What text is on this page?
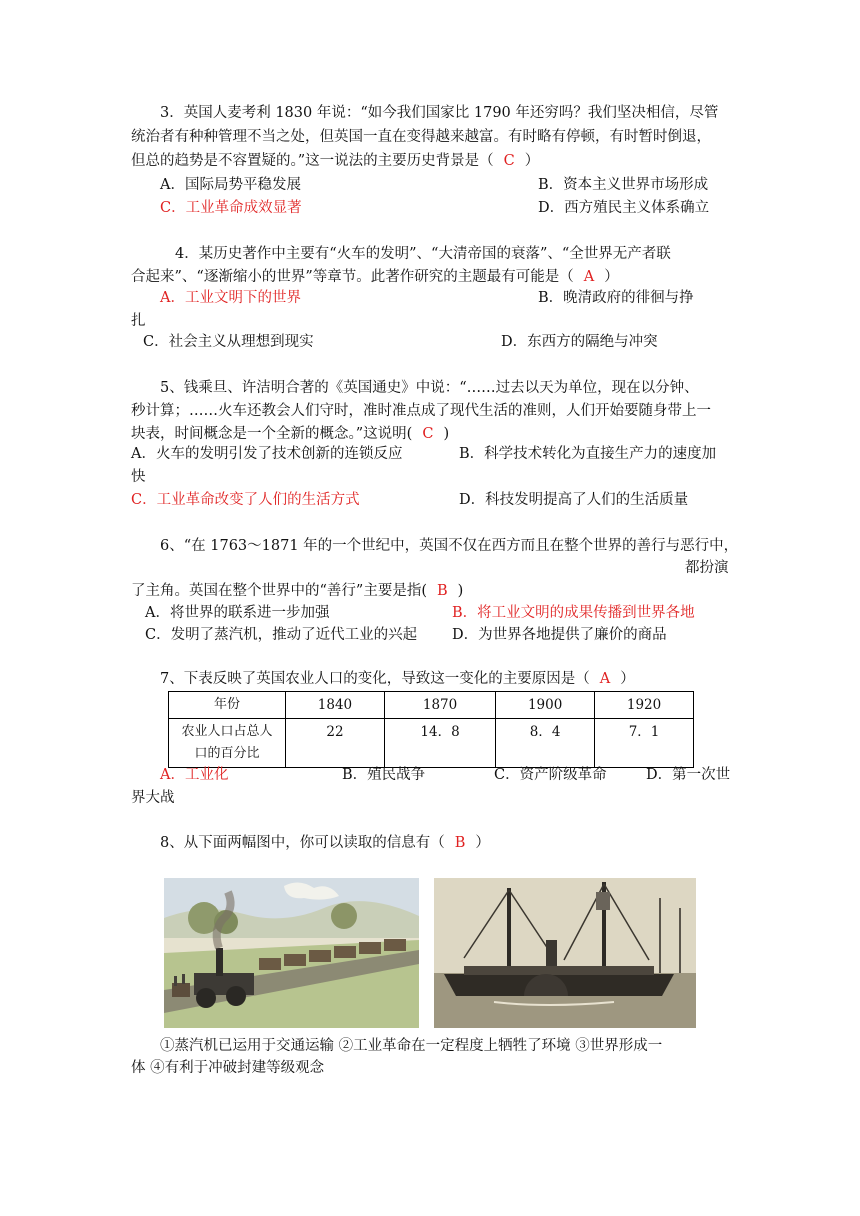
3．英国人麦考利 1830 年说：“如今我们国家比 1790 年还穷吗？我们坚决相信，尽管
统治者有种种管理不当之处，但英国一直在变得越来越富。有时略有停顿，有时暂时倒退，
但总的趋势是不容置疑的。”这一说法的主要历史背景是（ C ）
A．国际局势平稳发展	B．资本主义世界市场形成
C．工业革命成效显著	D．西方殖民主义体系确立
4．某历史著作中主要有“火车的发明”、“大清帝国的衰落”、“全世界无产者联
合起来”、“逐渐缩小的世界”等章节。此著作研究的主题最有可能是（ A ）
A．工业文明下的世界	B．晚清政府的徘徊与挣
扎
C．社会主义从理想到现实	D．东西方的隔绝与冲突
5、钱乘旦、许洁明合著的《英国通史》中说：“……过去以天为单位，现在以分钟、
秒计算；……火车还教会人们守时，准时准点成了现代生活的准则，人们开始要随身带上一
块表，时间概念是一个全新的概念。”这说明( C )
A．火车的发明引发了技术创新的连锁反应	B．科学技术转化为直接生产力的速度加
快
C．工业革命改变了人们的生活方式	D．科技发明提高了人们的生活质量
6、“在 1763～1871 年的一个世纪中，英国不仅在西方而且在整个世界的善行与恶行中，
都扮演
了主角。英国在整个世界中的“善行”主要是指( B )
A．将世界的联系进一步加强	B．将工业文明的成果传播到世界各地
C．发明了蒸汽机，推动了近代工业的兴起 D．为世界各地提供了廉价的商品
7、下表反映了英国农业人口的变化，导致这一变化的主要原因是（ A ）
年份	1840	1870	1900	1920

农业人口占总人
口的百分比	22	14．8	8．4	7．1
A．工业化	B．殖民战争	C．资产阶级革命	D．第一次世
界大战
8、从下面两幅图中，你可以读取的信息有（ B ）
①蒸汽机已运用于交通运输 ②工业革命在一定程度上牺牲了环境 ③世界形成一
体 ④有利于冲破封建等级观念
